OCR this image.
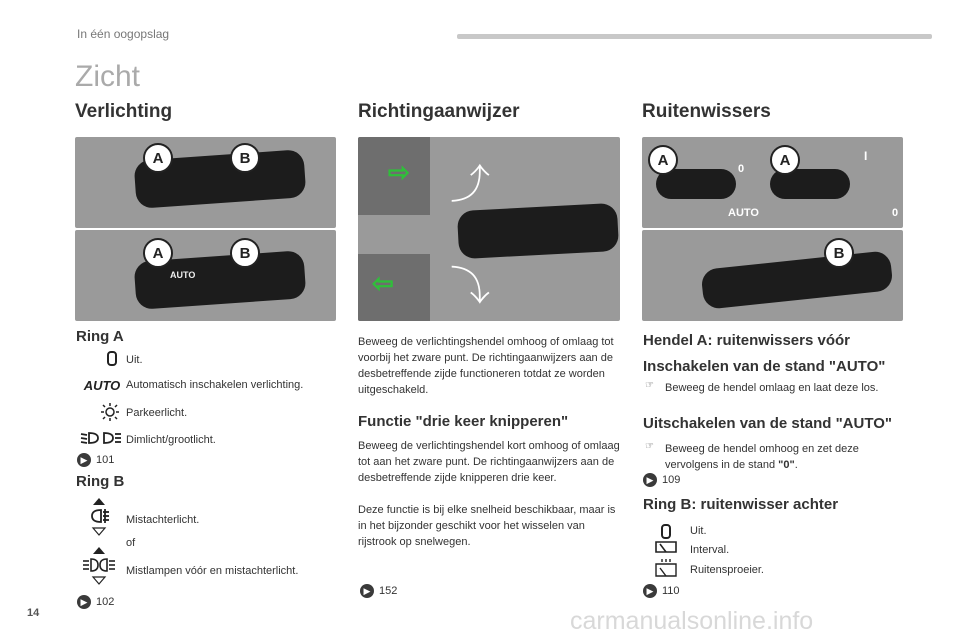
In één oogopslag
Zicht
Verlichting
A	B
A	B
AUTO
Ring A
Uit.
AUTO Automatisch inschakelen verlichting.
Parkeerlicht.
Dimlicht/grootlicht.
▶ 101
Ring B
Mistachterlicht.
of
Mistlampen vóór en mistachterlicht.
▶ 102
Richtingaanwijzer
⇨
⇦
⤴
⤵
Beweeg de verlichtingshendel omhoog of omlaag tot voorbij het zware punt. De richtingaanwijzers aan de desbetreffende zijde functioneren totdat ze worden uitgeschakeld.
Functie "drie keer knipperen"
Beweeg de verlichtingshendel kort omhoog of omlaag tot aan het zware punt. De richtingaanwijzers aan de desbetreffende zijde knipperen drie keer.
Deze functie is bij elke snelheid beschikbaar, maar is in het bijzonder geschikt voor het wisselen van rijstrook op snelwegen.
▶ 152
Ruitenwissers
A	A
AUTO
0
I
0
B
Hendel A: ruitenwissers vóór
Inschakelen van de stand "AUTO"
☞ Beweeg de hendel omlaag en laat deze los.
Uitschakelen van de stand "AUTO"
☞ Beweeg de hendel omhoog en zet deze vervolgens in de stand "0".
▶ 109
Ring B: ruitenwisser achter
Uit.
Interval.
Ruitensproeier.
▶ 110
14	carmanualsonline.info
